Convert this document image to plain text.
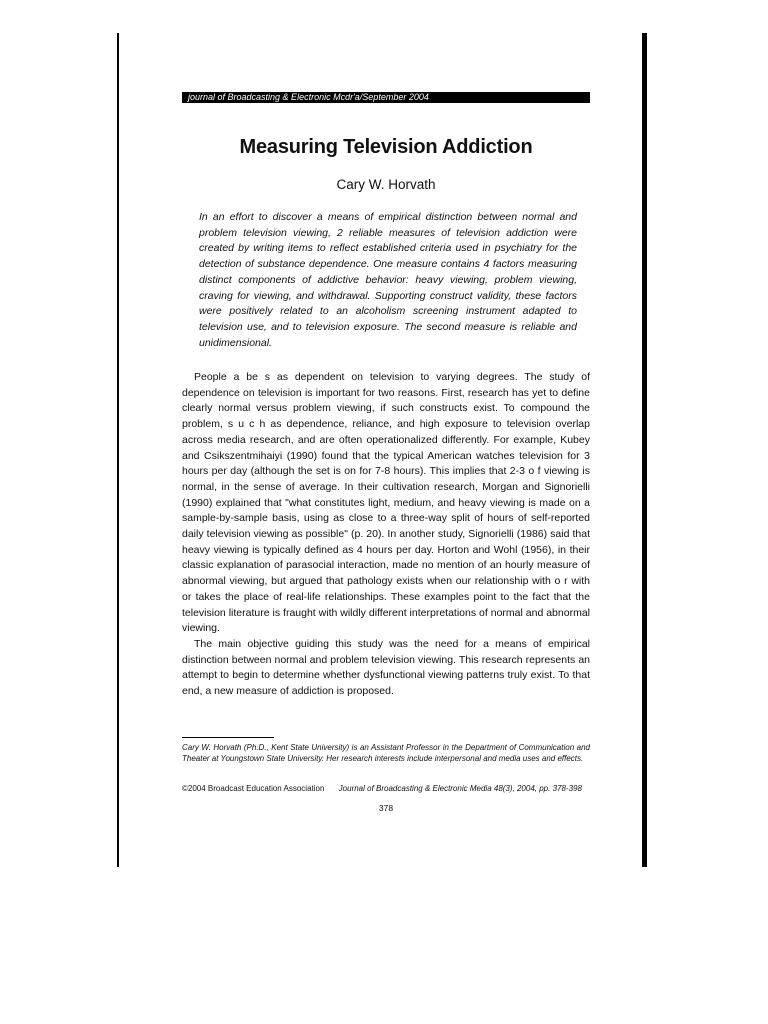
journal of Broadcasting & Electronic Mcdr'a/September 2004
Measuring Television Addiction
Cary W. Horvath

In an effort to discover a means of empirical distinction between normal and problem television viewing, 2 reliable measures of television addiction were created by writing items to reflect established criteria used in psychiatry for the detection of substance dependence. One measure contains 4 factors measuring distinct components of addictive behavior: heavy viewing, problem viewing, craving for viewing, and withdrawal. Supporting construct validity, these factors were positively related to an alcoholism screening instrument adapted to television use, and to television exposure. The second measure is reliable and unidimensional.

People a be s as dependent on television to varying degrees. The study of dependence on television is important for two reasons. First, research has yet to define clearly normal versus problem viewing, if such constructs exist. To compound the problem, s u c h as dependence, reliance, and high exposure to television overlap across media research, and are often operationalized differently. For example, Kubey and Csikszentmihaiyi (1990) found that the typical American watches television for 3 hours per day (although the set is on for 7-8 hours). This implies that 2-3 o f viewing is normal, in the sense of average. In their cultivation research, Morgan and Signorielli (1990) explained that "what constitutes light, medium, and heavy viewing is made on a sample-by-sample basis, using as close to a three-way split of hours of self-reported daily television viewing as possible" (p. 20). In another study, Signorielli (1986) said that heavy viewing is typically defined as 4 hours per day. Horton and Wohl (1956), in their classic explanation of parasocial interaction, made no mention of an hourly measure of abnormal viewing, but argued that pathology exists when our relationship with o r with or takes the place of real-life relationships. These examples point to the fact that the television literature is fraught with wildly different interpretations of normal and abnormal viewing.

The main objective guiding this study was the need for a means of empirical distinction between normal and problem television viewing. This research represents an attempt to begin to determine whether dysfunctional viewing patterns truly exist. To that end, a new measure of addiction is proposed.

Cary W. Horvath (Ph.D., Kent State University) is an Assistant Professor in the Department of Communication and Theater at Youngstown State University. Her research interests include interpersonal and media uses and effects.

©2004 Broadcast Education Association Journal of Broadcasting & Electronic Media 48(3), 2004, pp. 378-398
378
